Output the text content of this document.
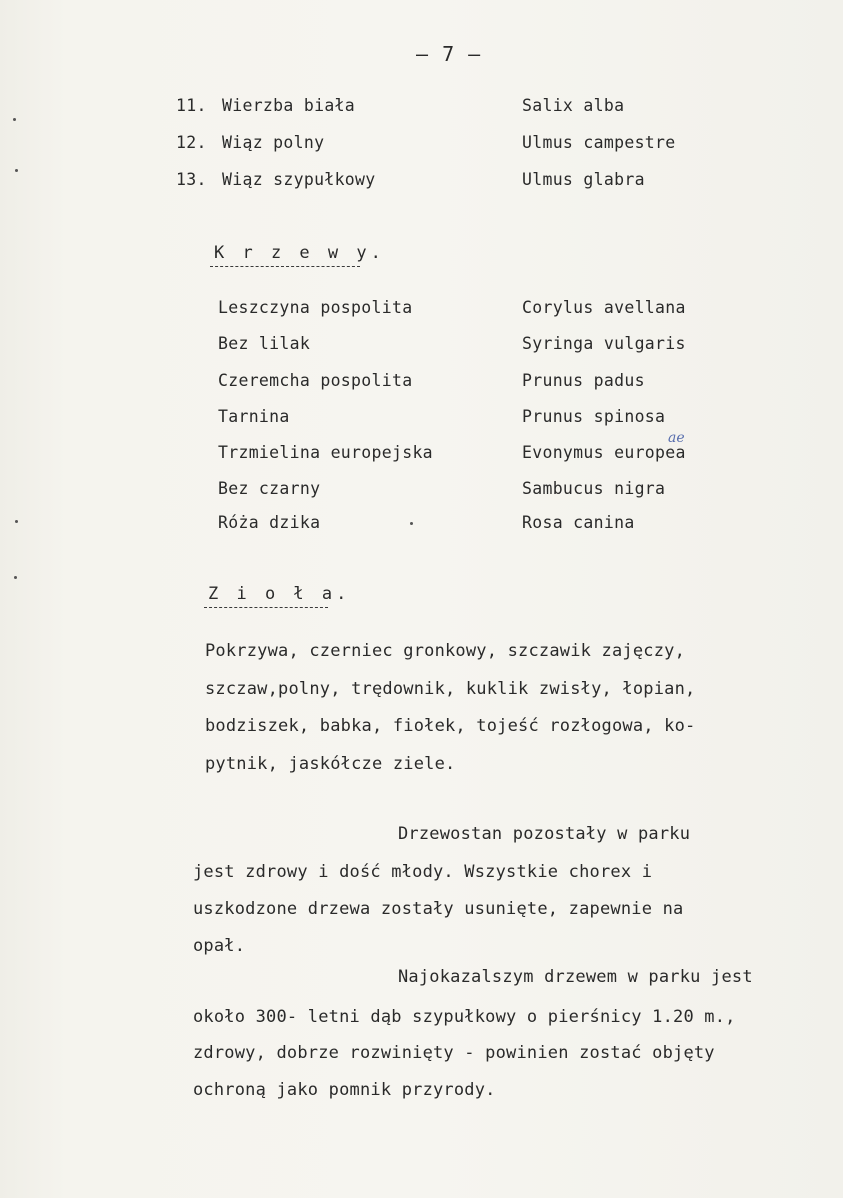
— 7 —
11. Wierzba biała	Salix alba
12. Wiąz polny	Ulmus campestre
13. Wiąz szypułkowy	Ulmus glabra
K r z e w y.
Leszczyna pospolita	Corylus avellana
Bez lilak	Syringa vulgaris
Czeremcha pospolita	Prunus padus
Tarnina	Prunus spinosa
Trzmielina europejska	Evonymus europea
Bez czarny	Sambucus nigra
Róża dzika	Rosa canina
ae
Z i o ł a.
Pokrzywa, czerniec gronkowy, szczawik zajęczy,
szczaw,polny, trędownik, kuklik zwisły, łopian,
bodziszek, babka, fiołek, tojeść rozłogowa, ko-
pytnik, jaskółcze ziele.
Drzewostan pozostały w parku
jest zdrowy i dość młody. Wszystkie chorex i
uszkodzone drzewa zostały usunięte, zapewnie na
opał.
Najokazalszym drzewem w parku jest
około 300- letni dąb szypułkowy o pierśnicy 1.20 m.,
zdrowy, dobrze rozwinięty - powinien zostać objęty
ochroną jako pomnik przyrody.
